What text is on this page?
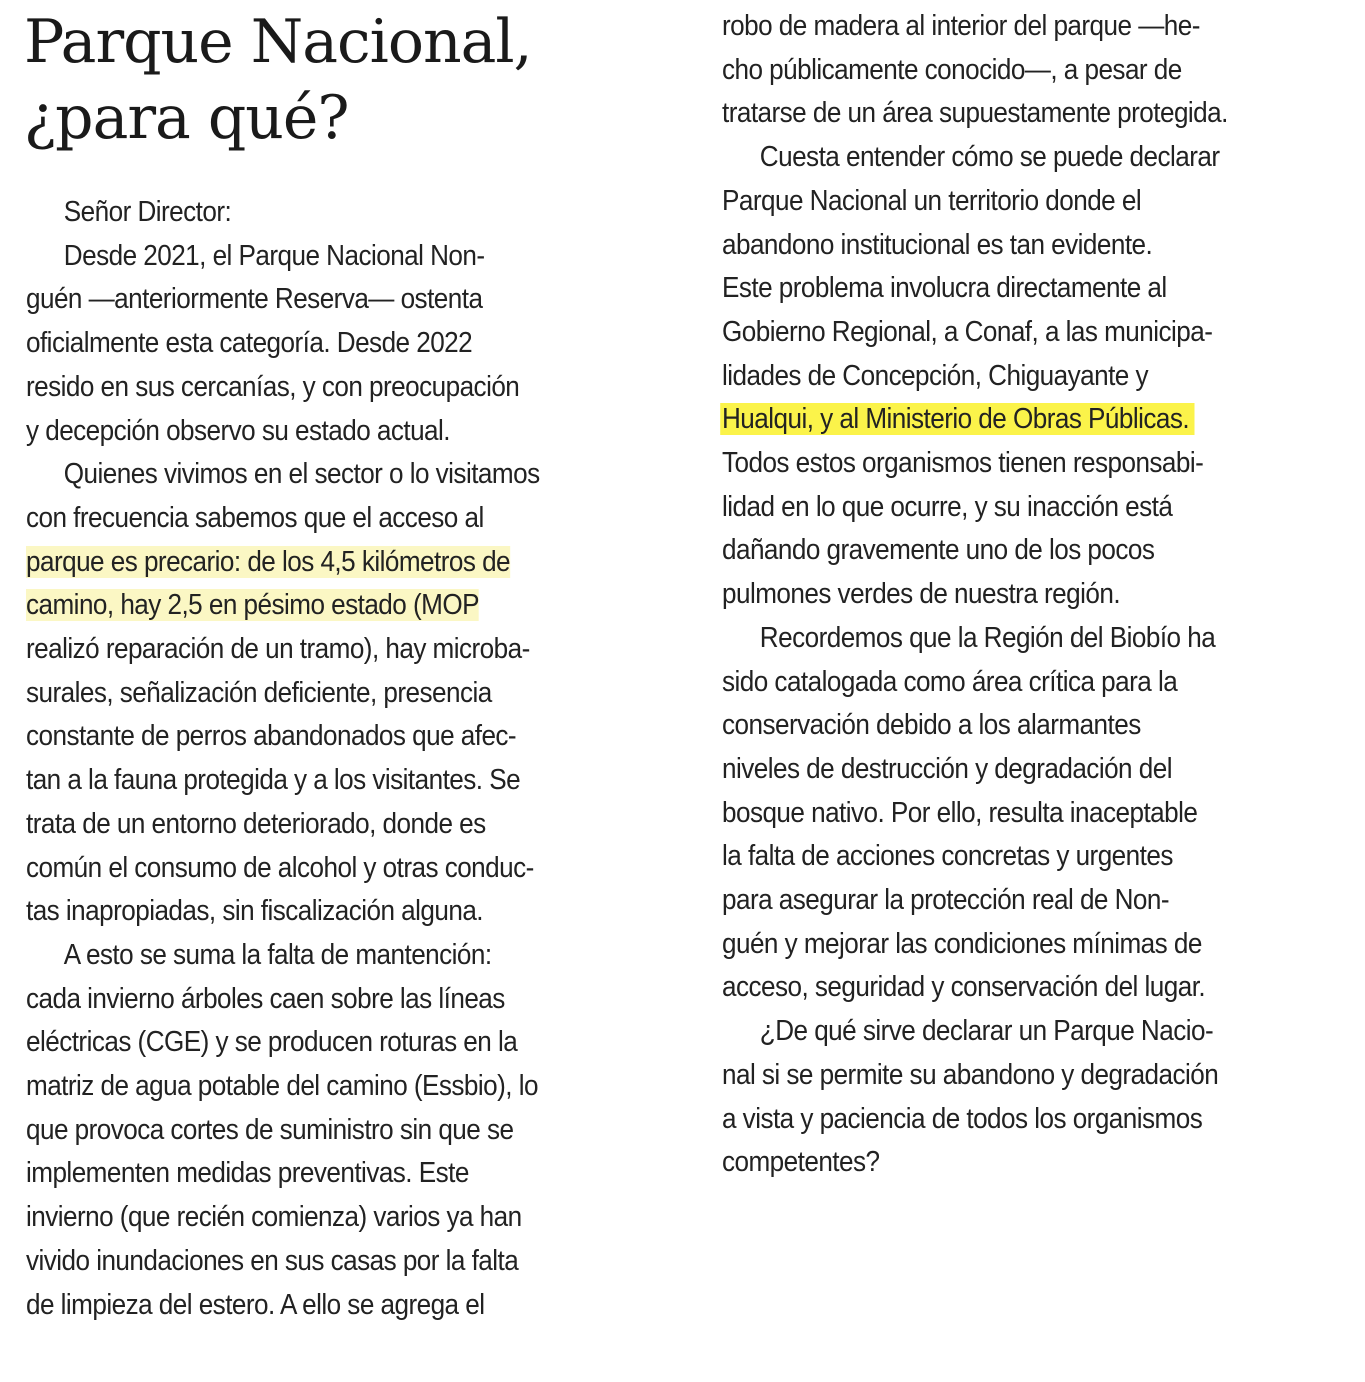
Parque Nacional,
¿para qué?
Señor Director:
Desde 2021, el Parque Nacional Non-
guén —anteriormente Reserva— ostenta
oficialmente esta categoría. Desde 2022
resido en sus cercanías, y con preocupación
y decepción observo su estado actual.
Quienes vivimos en el sector o lo visitamos
con frecuencia sabemos que el acceso al
parque es precario: de los 4,5 kilómetros de
camino, hay 2,5 en pésimo estado (MOP
realizó reparación de un tramo), hay microba-
surales, señalización deficiente, presencia
constante de perros abandonados que afec-
tan a la fauna protegida y a los visitantes. Se
trata de un entorno deteriorado, donde es
común el consumo de alcohol y otras conduc-
tas inapropiadas, sin fiscalización alguna.
A esto se suma la falta de mantención:
cada invierno árboles caen sobre las líneas
eléctricas (CGE) y se producen roturas en la
matriz de agua potable del camino (Essbio), lo
que provoca cortes de suministro sin que se
implementen medidas preventivas. Este
invierno (que recién comienza) varios ya han
vivido inundaciones en sus casas por la falta
de limpieza del estero. A ello se agrega el
robo de madera al interior del parque —he-
cho públicamente conocido—, a pesar de
tratarse de un área supuestamente protegida.
Cuesta entender cómo se puede declarar
Parque Nacional un territorio donde el
abandono institucional es tan evidente.
Este problema involucra directamente al
Gobierno Regional, a Conaf, a las municipa-
lidades de Concepción, Chiguayante y
Hualqui, y al Ministerio de Obras Públicas.
Todos estos organismos tienen responsabi-
lidad en lo que ocurre, y su inacción está
dañando gravemente uno de los pocos
pulmones verdes de nuestra región.
Recordemos que la Región del Biobío ha
sido catalogada como área crítica para la
conservación debido a los alarmantes
niveles de destrucción y degradación del
bosque nativo. Por ello, resulta inaceptable
la falta de acciones concretas y urgentes
para asegurar la protección real de Non-
guén y mejorar las condiciones mínimas de
acceso, seguridad y conservación del lugar.
¿De qué sirve declarar un Parque Nacio-
nal si se permite su abandono y degradación
a vista y paciencia de todos los organismos
competentes?
